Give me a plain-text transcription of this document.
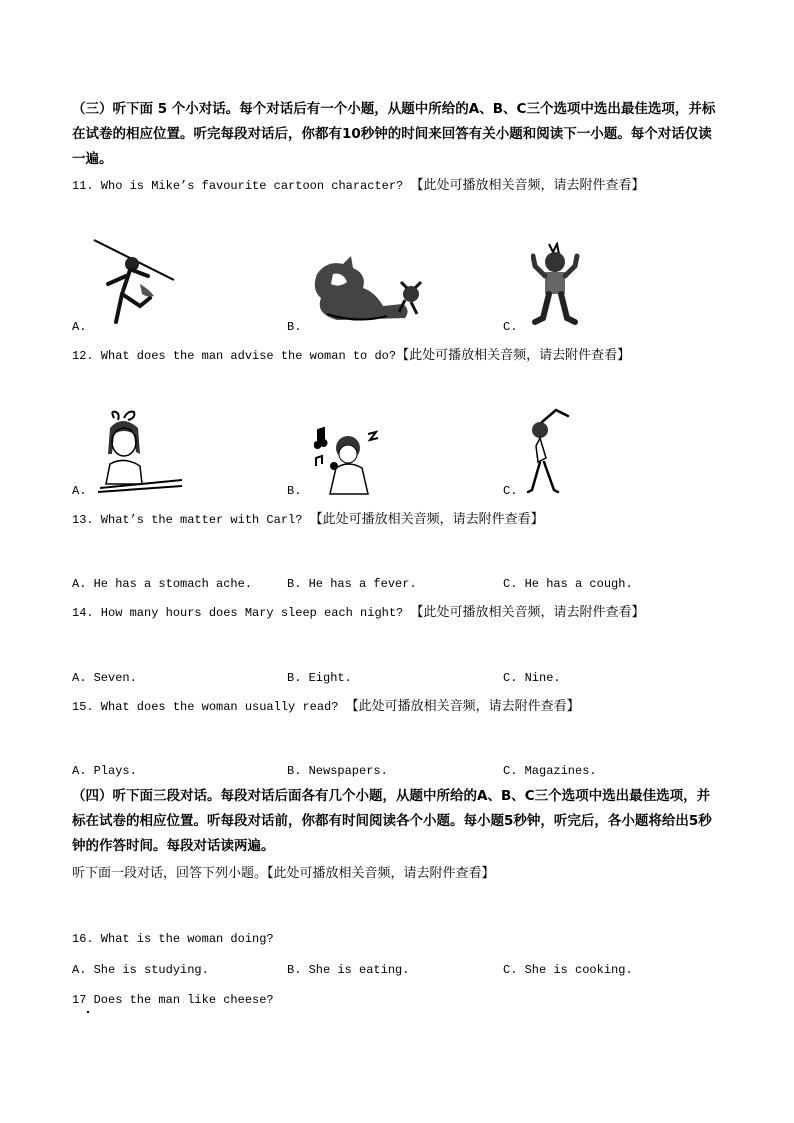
（三）听下面 5 个小对话。每个对话后有一个小题，从题中所给的A、B、C三个选项中选出最佳选项，并标在试卷的相应位置。听完每段对话后，你都有10秒钟的时间来回答有关小题和阅读下一小题。每个对话仅读一遍。
11. Who is Mike’s favourite cartoon character? 【此处可播放相关音频，请去附件查看】
A.	B.	C.
12. What does the man advise the woman to do?【此处可播放相关音频，请去附件查看】
A.	B.	C.
13. What’s the matter with Carl? 【此处可播放相关音频，请去附件查看】
A. He has a stomach ache.	B. He has a fever.	C. He has a cough.
14. How many hours does Mary sleep each night? 【此处可播放相关音频，请去附件查看】
A. Seven.	B. Eight.	C. Nine.
15. What does the woman usually read? 【此处可播放相关音频，请去附件查看】
A. Plays.	B. Newspapers.	C. Magazines.
（四）听下面三段对话。每段对话后面各有几个小题，从题中所给的A、B、C三个选项中选出最佳选项，并标在试卷的相应位置。听每段对话前，你都有时间阅读各个小题。每小题5秒钟，听完后，各小题将给出5秒钟的作答时间。每段对话读两遍。
听下面一段对话，回答下列小题。【此处可播放相关音频，请去附件查看】
16. What is the woman doing?
A. She is studying.	B. She is eating.	C. She is cooking.
17 Does the man like cheese?
